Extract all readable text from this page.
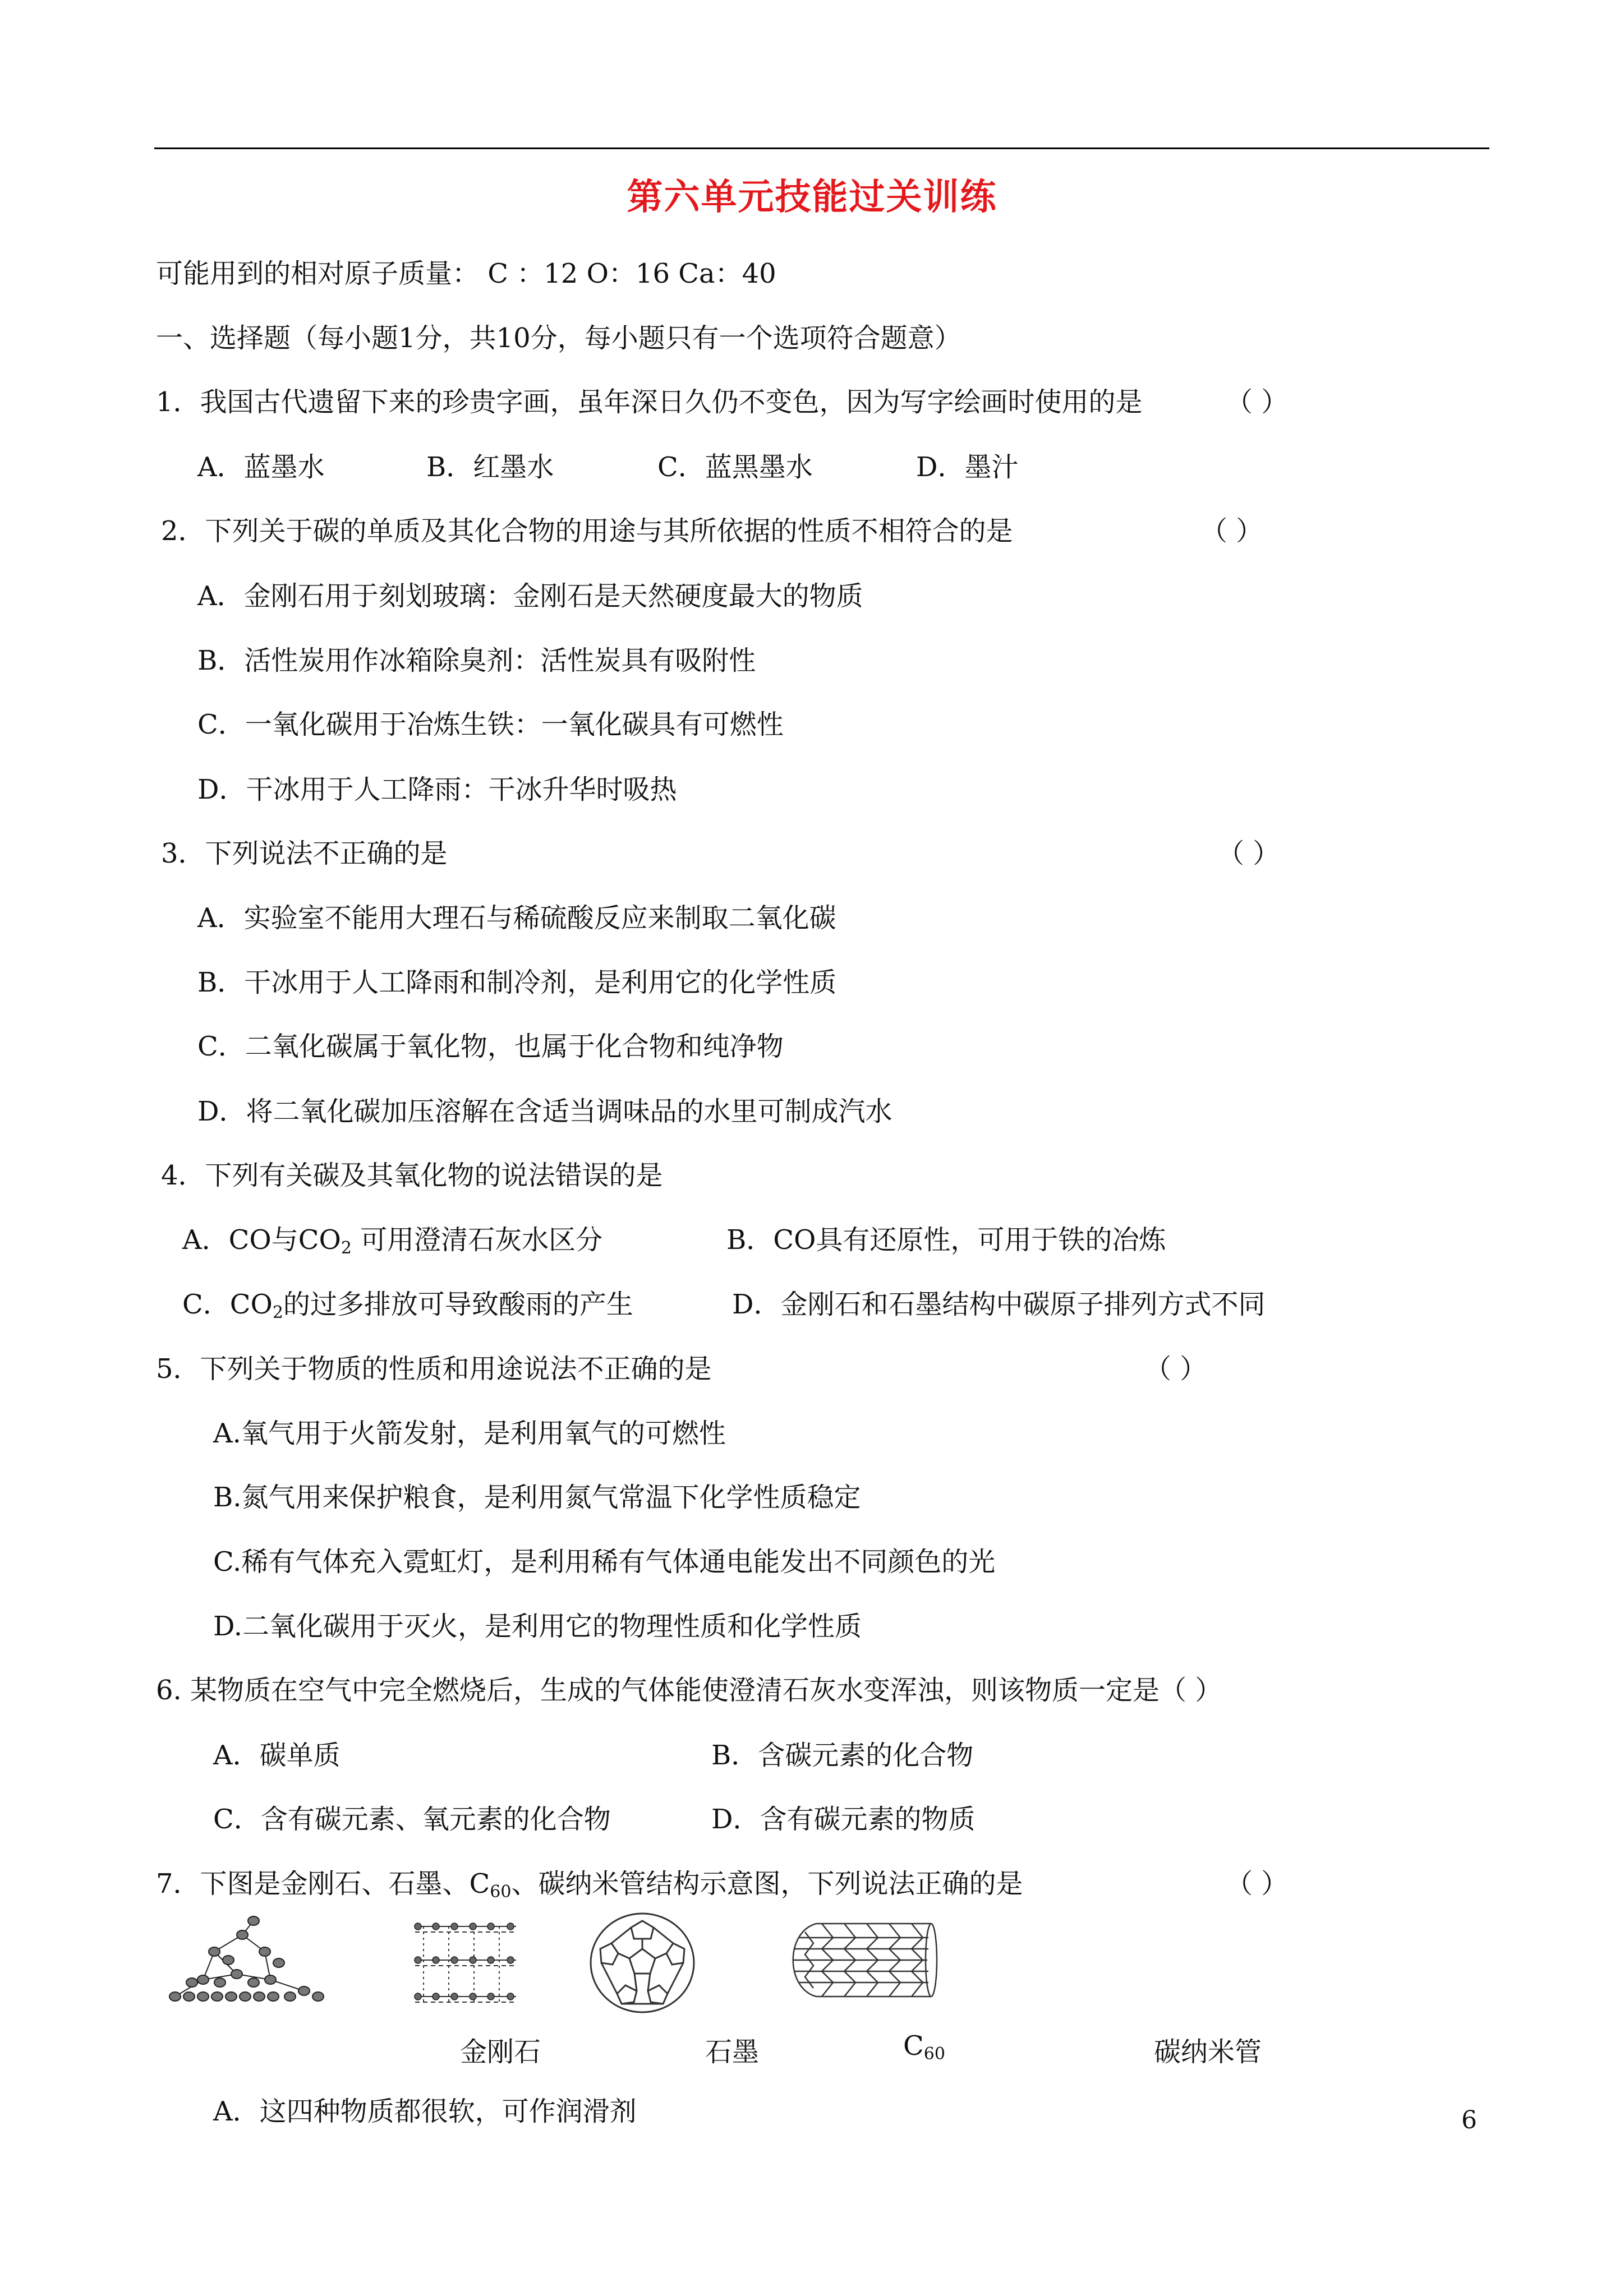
第六单元技能过关训练
可能用到的相对原子质量： C ：12 O：16 Ca：40
一、选择题（每小题1分，共10分，每小题只有一个选项符合题意）
1．我国古代遗留下来的珍贵字画，虽年深日久仍不变色，因为写字绘画时使用的是	（ ）
A．蓝墨水	B．红墨水	C．蓝黑墨水	D．墨汁
2．下列关于碳的单质及其化合物的用途与其所依据的性质不相符合的是	（ ）
A．金刚石用于刻划玻璃：金刚石是天然硬度最大的物质
B．活性炭用作冰箱除臭剂：活性炭具有吸附性
C．一氧化碳用于冶炼生铁：一氧化碳具有可燃性
D．干冰用于人工降雨：干冰升华时吸热
3．下列说法不正确的是	（ ）
A．实验室不能用大理石与稀硫酸反应来制取二氧化碳
B．干冰用于人工降雨和制冷剂，是利用它的化学性质
C．二氧化碳属于氧化物，也属于化合物和纯净物
D．将二氧化碳加压溶解在含适当调味品的水里可制成汽水
4．下列有关碳及其氧化物的说法错误的是
A．CO与$CO_2$ 可用澄清石灰水区分	B．CO具有还原性，可用于铁的冶炼
C．$CO_2$的过多排放可导致酸雨的产生	D．金刚石和石墨结构中碳原子排列方式不同
5．下列关于物质的性质和用途说法不正确的是	（ ）
A.氧气用于火箭发射，是利用氧气的可燃性
B.氮气用来保护粮食，是利用氮气常温下化学性质稳定
C.稀有气体充入霓虹灯，是利用稀有气体通电能发出不同颜色的光
D.二氧化碳用于灭火，是利用它的物理性质和化学性质
6. 某物质在空气中完全燃烧后，生成的气体能使澄清石灰水变浑浊，则该物质一定是（ ）
A．碳单质	B．含碳元素的化合物
C．含有碳元素、氧元素的化合物	D．含有碳元素的物质
7．下图是金刚石、石墨、$C_{60}$、碳纳米管结构示意图，下列说法正确的是	（ ）
金刚石	石墨	$C_{60}$	碳纳米管
A．这四种物质都很软，可作润滑剂	6
